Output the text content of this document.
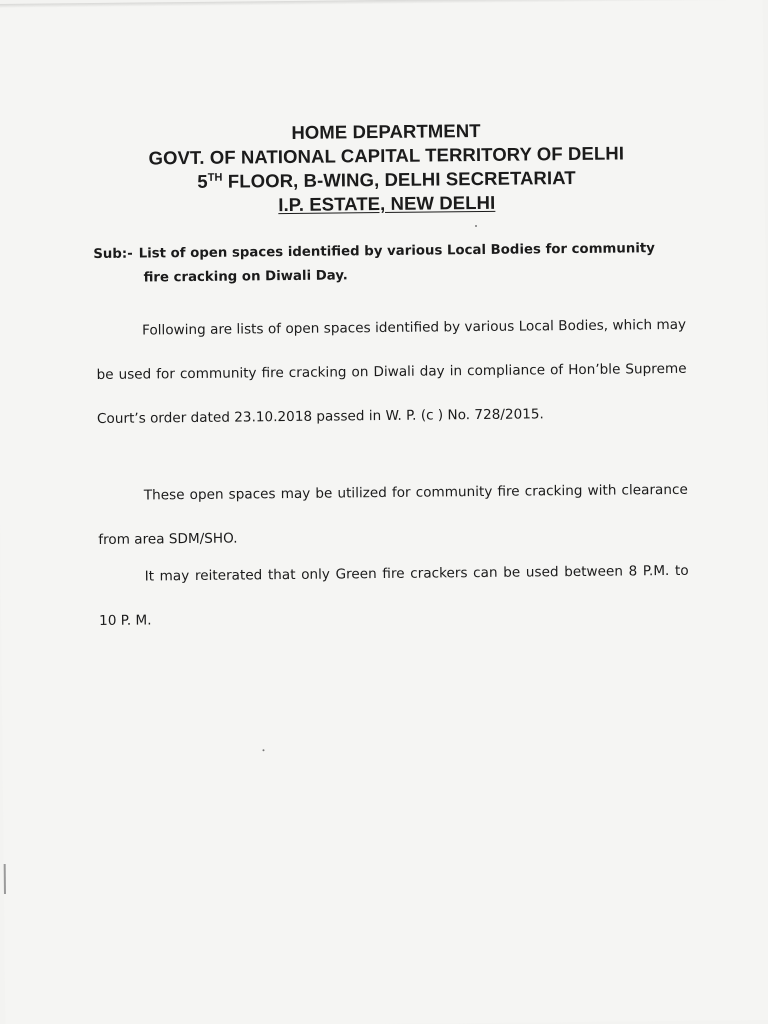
HOME DEPARTMENT
GOVT. OF NATIONAL CAPITAL TERRITORY OF DELHI
5TH FLOOR, B-WING, DELHI SECRETARIAT
I.P. ESTATE, NEW DELHI
Sub:- List of open spaces identified by various Local Bodies for community
fire cracking on Diwali Day.
Following are lists of open spaces identified by various Local Bodies, which may be used for community fire cracking on Diwali day in compliance of Hon’ble Supreme Court’s order dated 23.10.2018 passed in W. P. (c ) No. 728/2015.
These open spaces may be utilized for community fire cracking with clearance from area SDM/SHO.
It may reiterated that only Green fire crackers can be used between 8 P.M. to 10 P. M.
